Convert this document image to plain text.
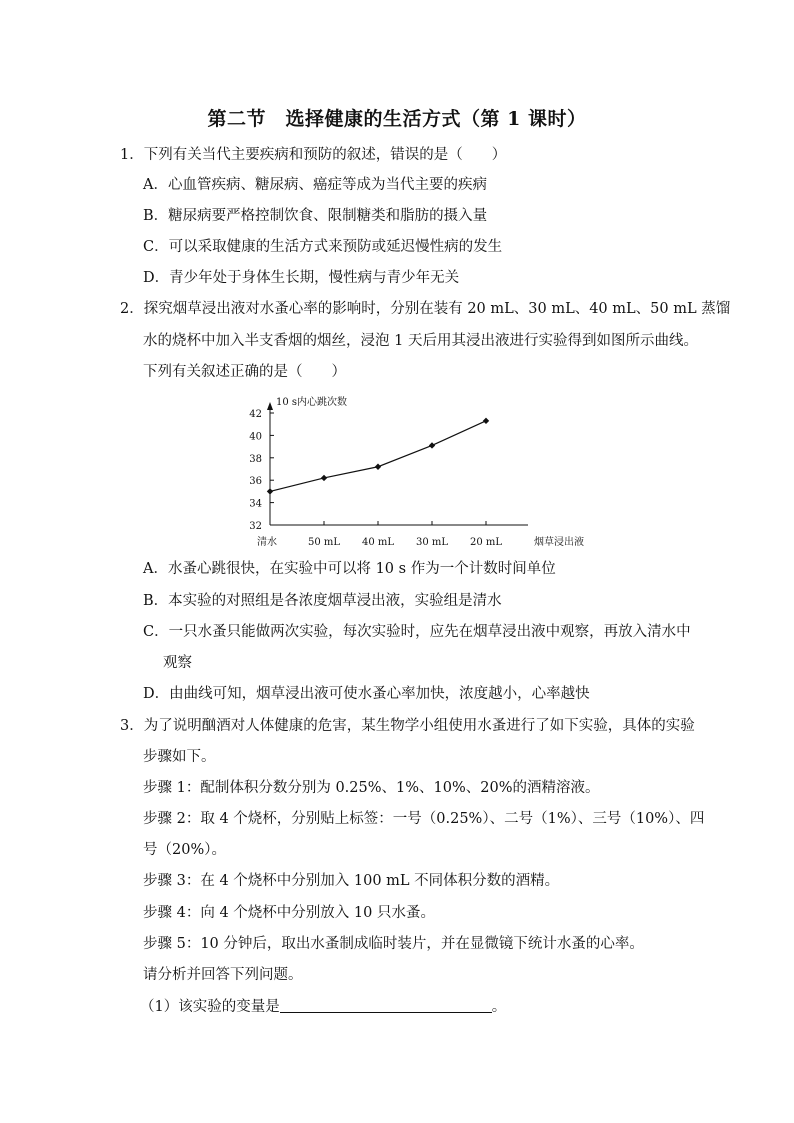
第二节　选择健康的生活方式（第 1 课时）
1．下列有关当代主要疾病和预防的叙述，错误的是（　　）
A．心血管疾病、糖尿病、癌症等成为当代主要的疾病
B．糖尿病要严格控制饮食、限制糖类和脂肪的摄入量
C．可以采取健康的生活方式来预防或延迟慢性病的发生
D．青少年处于身体生长期，慢性病与青少年无关
2．探究烟草浸出液对水蚤心率的影响时，分别在装有 20 mL、30 mL、40 mL、50 mL 蒸馏
水的烧杯中加入半支香烟的烟丝，浸泡 1 天后用其浸出液进行实验得到如图所示曲线。
下列有关叙述正确的是（　　）
32
34
36
38
40
42
10 s内心跳次数
清水	50 mL 40 mL 30 mL 20 mL	烟草浸出液
A．水蚤心跳很快，在实验中可以将 10 s 作为一个计数时间单位
B．本实验的对照组是各浓度烟草浸出液，实验组是清水
C．一只水蚤只能做两次实验，每次实验时，应先在烟草浸出液中观察，再放入清水中
观察
D．由曲线可知，烟草浸出液可使水蚤心率加快，浓度越小，心率越快
3．为了说明酗酒对人体健康的危害，某生物学小组使用水蚤进行了如下实验，具体的实验
步骤如下。
步骤 1：配制体积分数分别为 0.25%、1%、10%、20%的酒精溶液。
步骤 2：取 4 个烧杯，分别贴上标签：一号（0.25%）、二号（1%）、三号（10%）、四
号（20%）。
步骤 3：在 4 个烧杯中分别加入 100 mL 不同体积分数的酒精。
步骤 4：向 4 个烧杯中分别放入 10 只水蚤。
步骤 5：10 分钟后，取出水蚤制成临时装片，并在显微镜下统计水蚤的心率。
请分析并回答下列问题。
（1）该实验的变量是	。
